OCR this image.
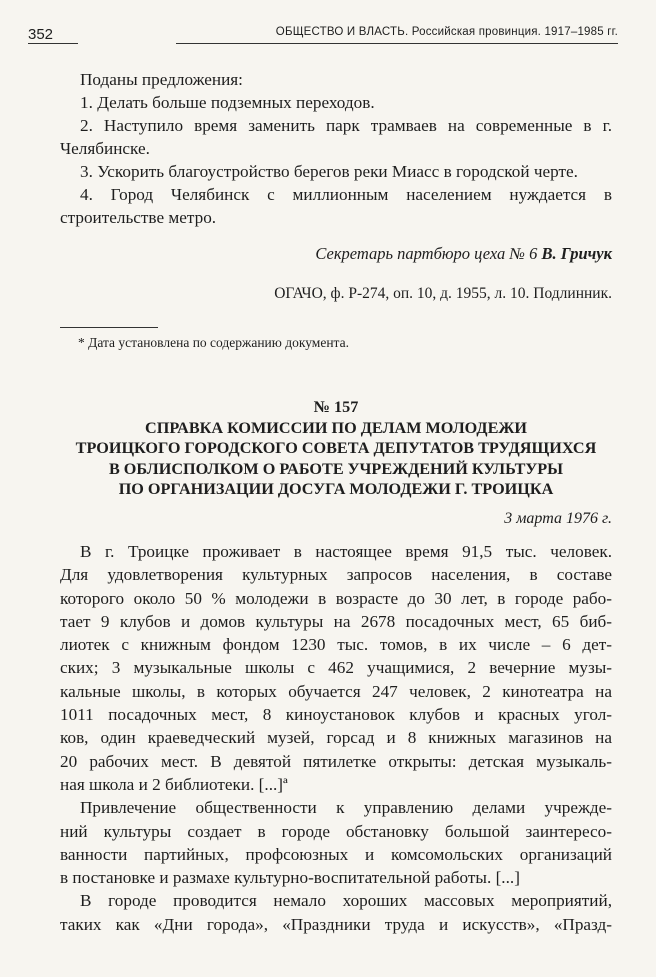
352	ОБЩЕСТВО И ВЛАСТЬ. Российская провинция. 1917–1985 гг.

Поданы предложения:

1. Делать больше подземных переходов.

2. Наступило время заменить парк трамваев на современные в г. Челябинске.

3. Ускорить благоустройство берегов реки Миасс в городской черте.

4. Город Челябинск с миллионным населением нуждается в строительстве метро.

Секретарь партбюро цеха № 6 В. Гричук
ОГАЧО, ф. Р-274, оп. 10, д. 1955, л. 10. Подлинник.
* Дата установлена по содержанию документа.
№ 157
СПРАВКА КОМИССИИ ПО ДЕЛАМ МОЛОДЕЖИ
ТРОИЦКОГО ГОРОДСКОГО СОВЕТА ДЕПУТАТОВ ТРУДЯЩИХСЯ
В ОБЛИСПОЛКОМ О РАБОТЕ УЧРЕЖДЕНИЙ КУЛЬТУРЫ
ПО ОРГАНИЗАЦИИ ДОСУГА МОЛОДЕЖИ Г. ТРОИЦКА
3 марта 1976 г.
В г. Троицке проживает в настоящее время 91,5 тыс. человек.
Для удовлетворения культурных запросов населения, в составе
которого около 50 % молодежи в возрасте до 30 лет, в городе рабо-
тает 9 клубов и домов культуры на 2678 посадочных мест, 65 биб-
лиотек с книжным фондом 1230 тыс. томов, в их числе – 6 дет-
ских; 3 музыкальные школы с 462 учащимися, 2 вечерние музы-
кальные школы, в которых обучается 247 человек, 2 кинотеатра на
1011 посадочных мест, 8 киноустановок клубов и красных угол-
ков, один краеведческий музей, горсад и 8 книжных магазинов на
20 рабочих мест. В девятой пятилетке открыты: детская музыкаль-
ная школа и 2 библиотеки. [...]ª
Привлечение общественности к управлению делами учрежде-
ний культуры создает в городе обстановку большой заинтересо-
ванности партийных, профсоюзных и комсомольских организаций
в постановке и размахе культурно-воспитательной работы. [...]
В городе проводится немало хороших массовых мероприятий,
таких как «Дни города», «Праздники труда и искусств», «Празд-
